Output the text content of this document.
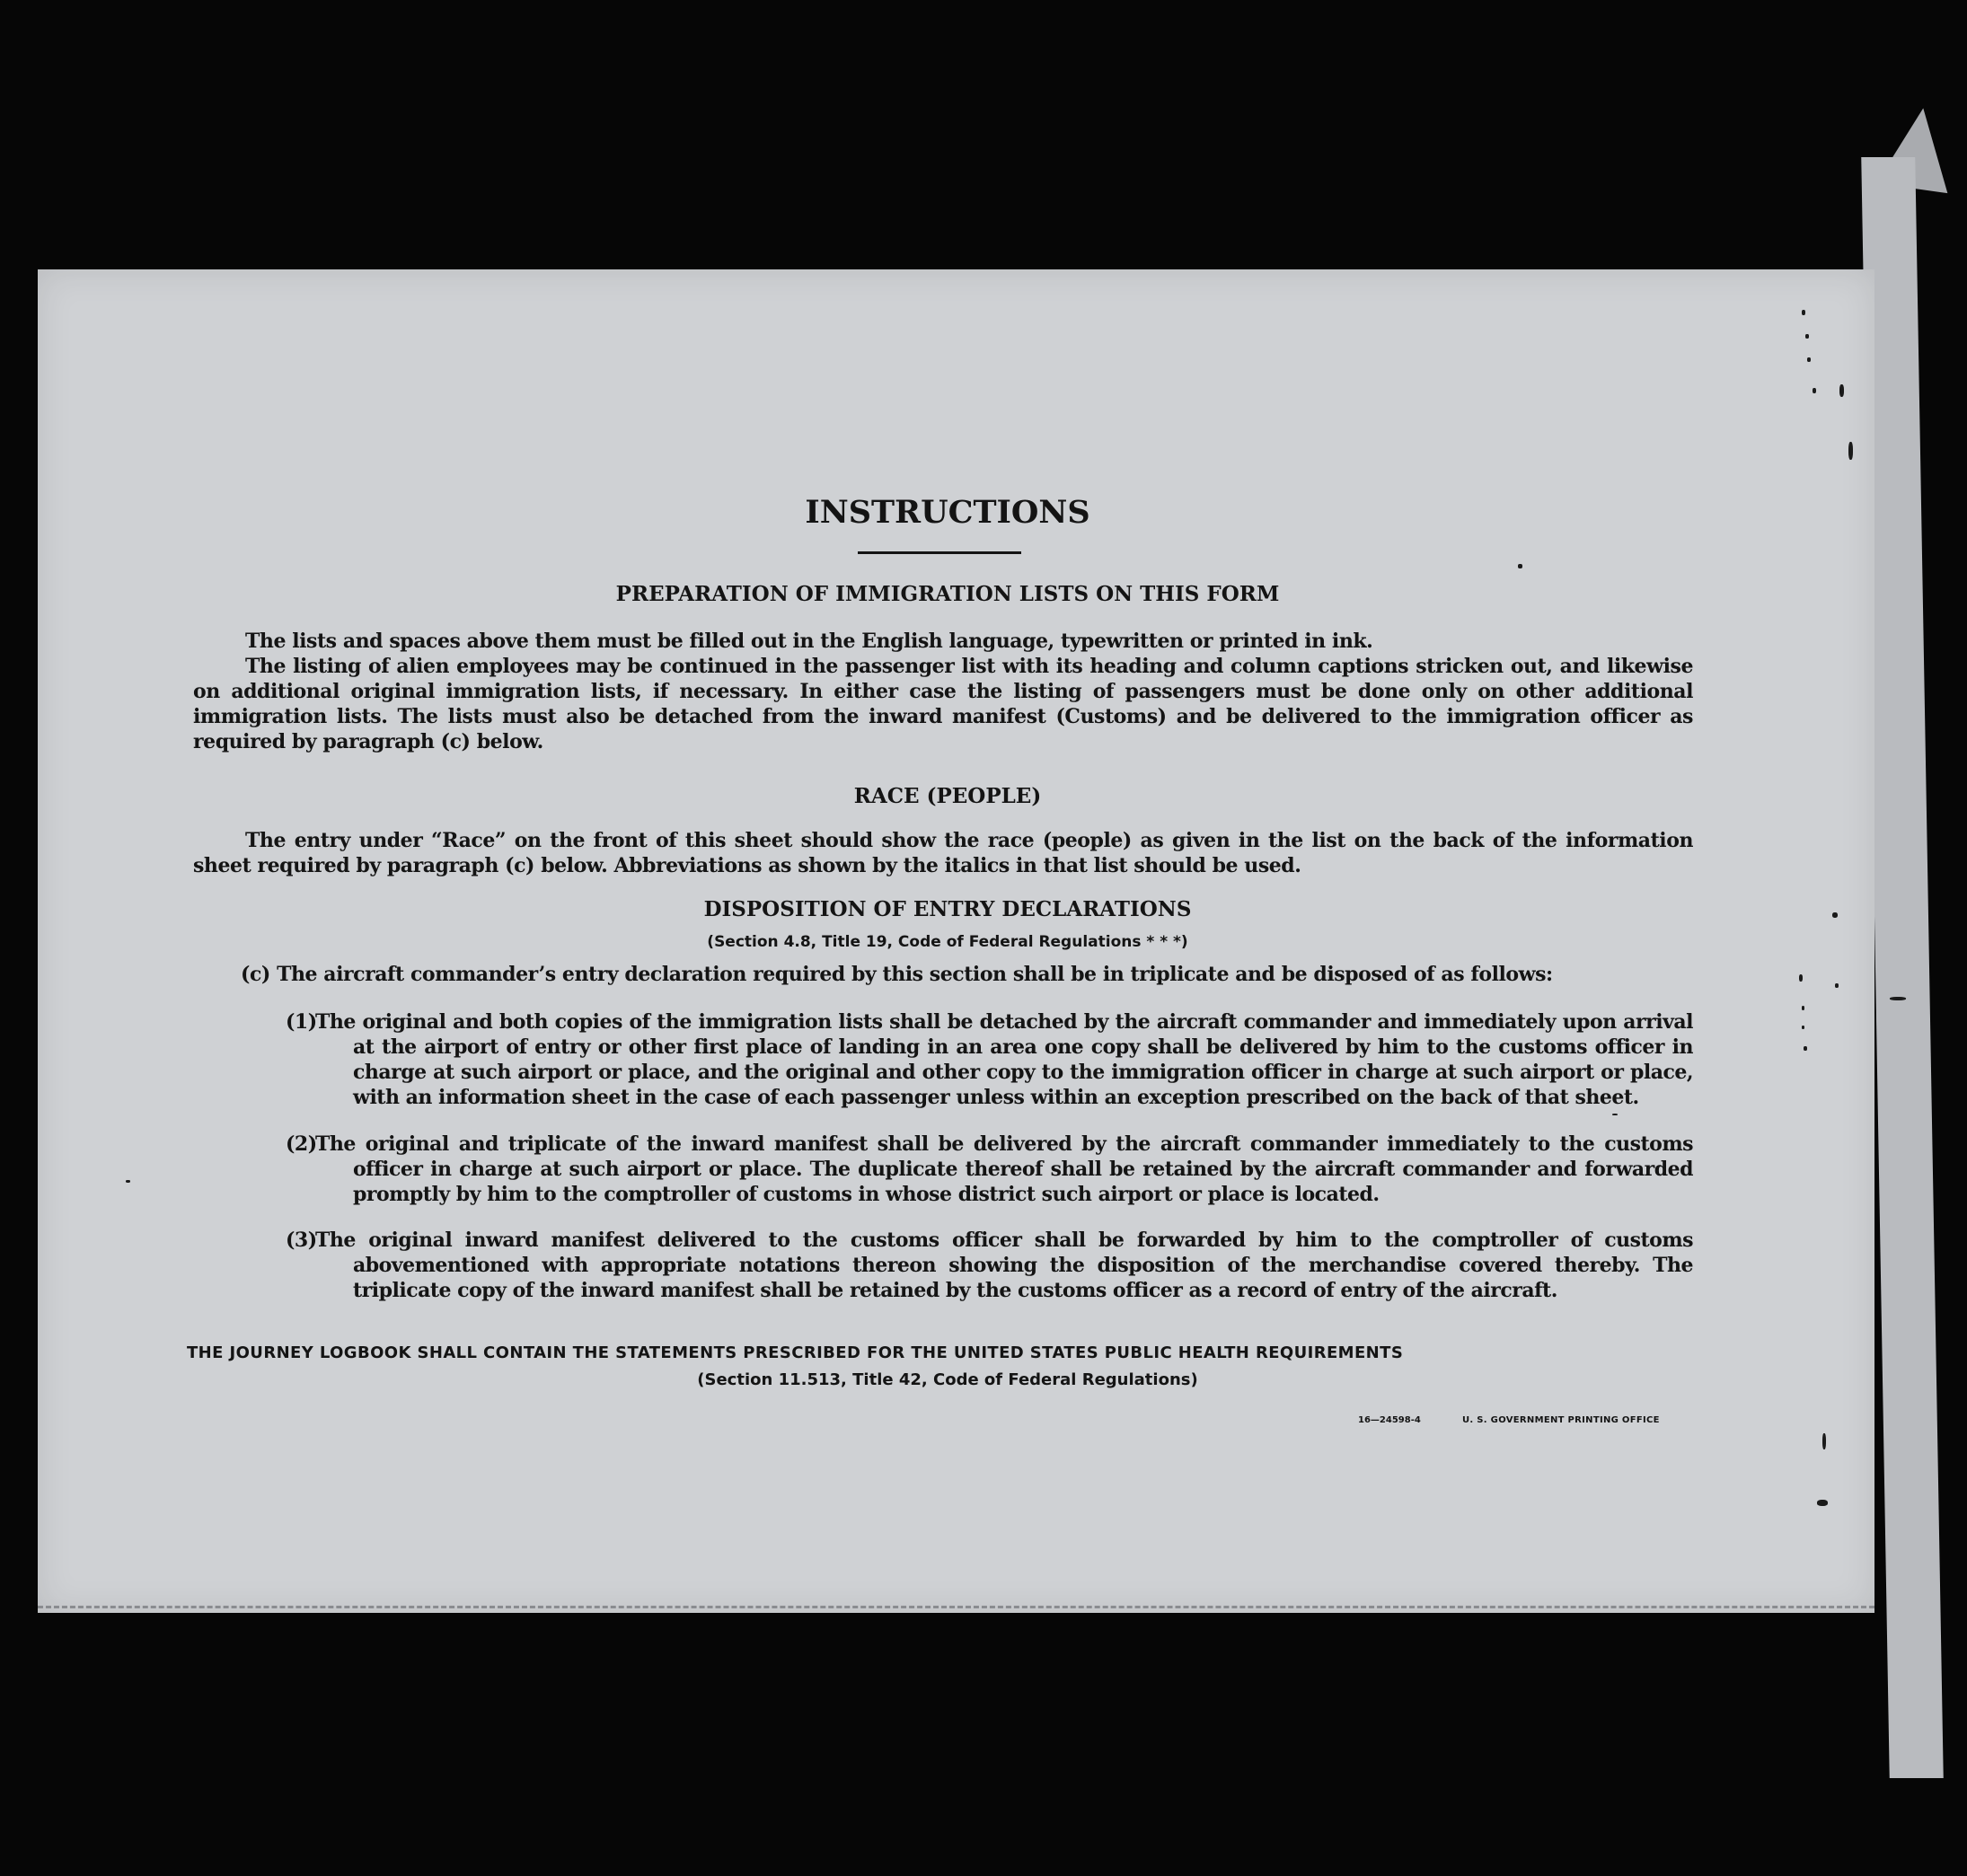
INSTRUCTIONS
PREPARATION OF IMMIGRATION LISTS ON THIS FORM
The lists and spaces above them must be filled out in the English language, typewritten or printed in ink.
The listing of alien employees may be continued in the passenger list with its heading and column captions stricken out, and likewise on additional original immigration lists, if necessary. In either case the listing of passengers must be done only on other additional immigration lists. The lists must also be detached from the inward manifest (Customs) and be delivered to the immigration officer as required by paragraph (c) below.
RACE (PEOPLE)
The entry under “Race” on the front of this sheet should show the race (people) as given in the list on the back of the information sheet required by paragraph (c) below. Abbreviations as shown by the italics in that list should be used.
DISPOSITION OF ENTRY DECLARATIONS
(Section 4.8, Title 19, Code of Federal Regulations * * *)
(c) The aircraft commander’s entry declaration required by this section shall be in triplicate and be disposed of as follows:
(1)
The original and both copies of the immigration lists shall be detached by the aircraft commander and immediately upon arrival at the airport of entry or other first place of landing in an area one copy shall be delivered by him to the customs officer in charge at such airport or place, and the original and other copy to the immigration officer in charge at such airport or place, with an information sheet in the case of each passenger unless within an exception prescribed on the back of that sheet.
(2)
The original and triplicate of the inward manifest shall be delivered by the aircraft commander immediately to the customs officer in charge at such airport or place. The duplicate thereof shall be retained by the aircraft commander and forwarded promptly by him to the comptroller of customs in whose district such airport or place is located.
(3)
The original inward manifest delivered to the customs officer shall be forwarded by him to the comptroller of customs abovementioned with appropriate notations thereon showing the disposition of the merchandise covered thereby. The triplicate copy of the inward manifest shall be retained by the customs officer as a record of entry of the aircraft.
THE JOURNEY LOGBOOK SHALL CONTAIN THE STATEMENTS PRESCRIBED FOR THE UNITED STATES PUBLIC HEALTH REQUIREMENTS
(Section 11.513, Title 42, Code of Federal Regulations)
16—24598-4	U. S. GOVERNMENT PRINTING OFFICE
